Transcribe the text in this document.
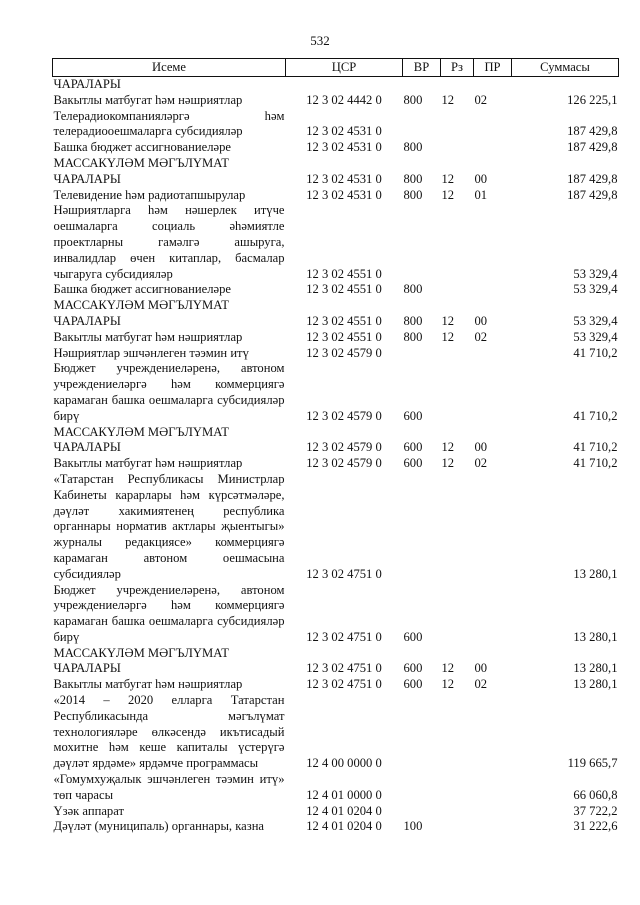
532
Исеме	ЦСР	ВР	Рз	ПР	Суммасы
ЧАРАЛАРЫ					
Вакытлы матбугат һәм нәшриятлар	12 3 02 4442 0	800	12	02	126 225,1
Телерадиокомпанияләргә һәм телерадиооешмаларга субсидияләр	12 3 02 4531 0				187 429,8
Башка бюджет ассигнованиеләре	12 3 02 4531 0	800			187 429,8
МАССАКҮЛӘМ МӘГЪЛҮМАТ ЧАРАЛАРЫ	12 3 02 4531 0	800	12	00	187 429,8
Телевидение һәм радиотапшырулар	12 3 02 4531 0	800	12	01	187 429,8
Нәшриятларга һәм нәшерлек итүче оешмаларга социаль әһәмиятле проектларны гамәлгә ашыруга, инвалидлар өчен китаплар, басмалар чыгаруга субсидияләр	12 3 02 4551 0				53 329,4
Башка бюджет ассигнованиеләре	12 3 02 4551 0	800			53 329,4
МАССАКҮЛӘМ МӘГЪЛҮМАТ ЧАРАЛАРЫ	12 3 02 4551 0	800	12	00	53 329,4
Вакытлы матбугат һәм нәшриятлар	12 3 02 4551 0	800	12	02	53 329,4
Нәшриятлар эшчәнлеген тәэмин итү	12 3 02 4579 0				41 710,2
Бюджет учреждениеләренә, автоном учреждениеләргә һәм коммерциягә карамаган башка оешмаларга субсидияләр бирү	12 3 02 4579 0	600			41 710,2
МАССАКҮЛӘМ МӘГЪЛҮМАТ ЧАРАЛАРЫ	12 3 02 4579 0	600	12	00	41 710,2
Вакытлы матбугат һәм нәшриятлар	12 3 02 4579 0	600	12	02	41 710,2
«Татарстан Республикасы Министрлар Кабинеты карарлары һәм күрсәтмәләре, дәүләт хакимиятенең республика органнары норматив актлары җыентыгы» журналы редакциясе» коммерциягә карамаган автоном оешмасына субсидияләр	12 3 02 4751 0				13 280,1
Бюджет учреждениеләренә, автоном учреждениеләргә һәм коммерциягә карамаган башка оешмаларга субсидияләр бирү	12 3 02 4751 0	600			13 280,1
МАССАКҮЛӘМ МӘГЪЛҮМАТ ЧАРАЛАРЫ	12 3 02 4751 0	600	12	00	13 280,1
Вакытлы матбугат һәм нәшриятлар	12 3 02 4751 0	600	12	02	13 280,1
«2014 – 2020 елларга Татарстан Республикасында мәгълүмат технологияләре өлкәсендә икътисадый мохитне һәм кеше капиталы үстерүгә дәүләт ярдәме» ярдәмче программасы	12 4 00 0000 0				119 665,7
«Гомумхуҗалык эшчәнлеген тәэмин итү» төп чарасы	12 4 01 0000 0				66 060,8
Үзәк аппарат	12 4 01 0204 0				37 722,2
Дәүләт (муниципаль) органнары, казна	12 4 01 0204 0	100			31 222,6
